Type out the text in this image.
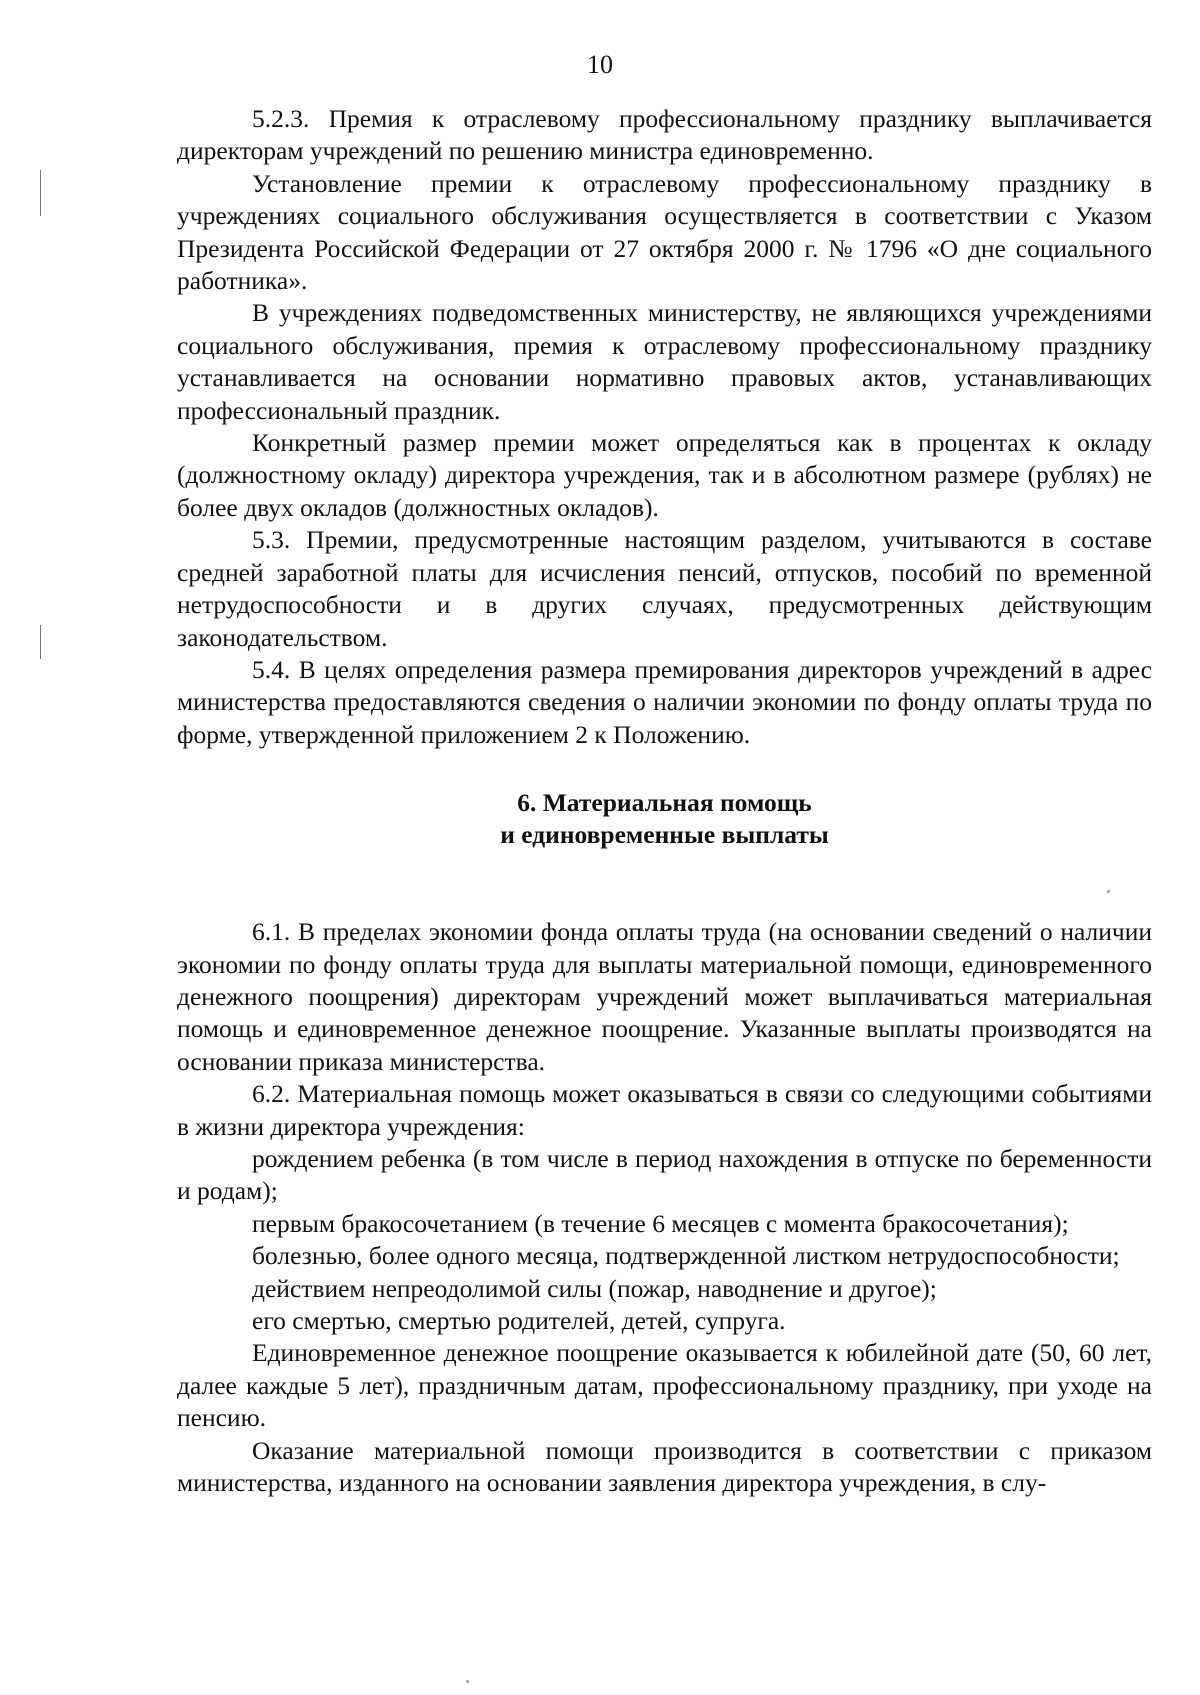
10

5.2.3. Премия к отраслевому профессиональному празднику выплачивается директорам учреждений по решению министра единовременно.

Установление премии к отраслевому профессиональному празднику в учреждениях социального обслуживания осуществляется в соответствии с Указом Президента Российской Федерации от 27 октября 2000 г. № 1796 «О дне социального работника».

В учреждениях подведомственных министерству, не являющихся учреждениями социального обслуживания, премия к отраслевому профессиональному празднику устанавливается на основании нормативно правовых актов, устанавливающих профессиональный праздник.

Конкретный размер премии может определяться как в процентах к окладу (должностному окладу) директора учреждения, так и в абсолютном размере (рублях) не более двух окладов (должностных окладов).

5.3. Премии, предусмотренные настоящим разделом, учитываются в составе средней заработной платы для исчисления пенсий, отпусков, пособий по временной нетрудоспособности и в других случаях, предусмотренных действующим законодательством.

5.4. В целях определения размера премирования директоров учреждений в адрес министерства предоставляются сведения о наличии экономии по фонду оплаты труда по форме, утвержденной приложением 2 к Положению.

6. Материальная помощь
и единовременные выплаты

6.1. В пределах экономии фонда оплаты труда (на основании сведений о наличии экономии по фонду оплаты труда для выплаты материальной помощи, единовременного денежного поощрения) директорам учреждений может выплачиваться материальная помощь и единовременное денежное поощрение. Указанные выплаты производятся на основании приказа министерства.

6.2. Материальная помощь может оказываться в связи со следующими событиями в жизни директора учреждения:

рождением ребенка (в том числе в период нахождения в отпуске по беременности и родам);

первым бракосочетанием (в течение 6 месяцев с момента бракосочетания);

болезнью, более одного месяца, подтвержденной листком нетрудоспособности;

действием непреодолимой силы (пожар, наводнение и другое);

его смертью, смертью родителей, детей, супруга.

Единовременное денежное поощрение оказывается к юбилейной дате (50, 60 лет, далее каждые 5 лет), праздничным датам, профессиональному празднику, при уходе на пенсию.

Оказание материальной помощи производится в соответствии с приказом министерства, изданного на основании заявления директора учреждения, в слу-
